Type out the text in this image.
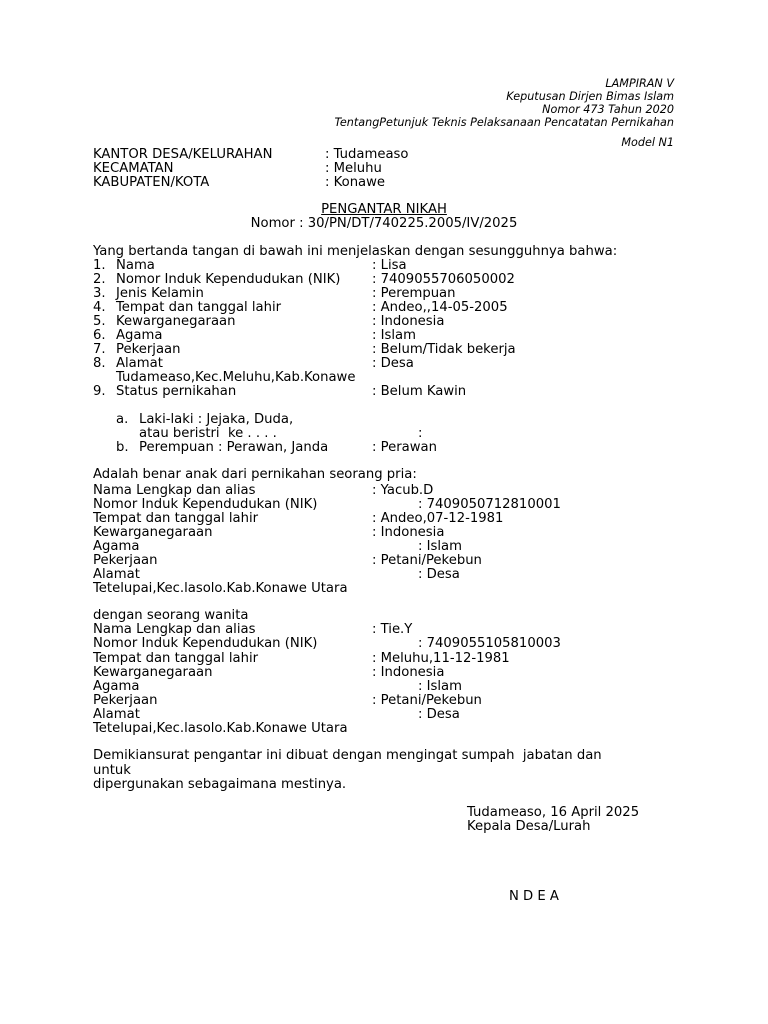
LAMPIRAN V
Keputusan Dirjen Bimas Islam
Nomor 473 Tahun 2020
TentangPetunjuk Teknis Pelaksanaan Pencatatan Pernikahan
Model N1
KANTOR DESA/KELURAHAN	: Tudameaso
KECAMATAN	: Meluhu
KABUPATEN/KOTA	: Konawe
PENGANTAR NIKAH
Nomor : 30/PN/DT/740225.2005/IV/2025
Yang bertanda tangan di bawah ini menjelaskan dengan sesungguhnya bahwa:
1. Nama	: Lisa
2. Nomor Induk Kependudukan (NIK) : 7409055706050002
3. Jenis Kelamin	: Perempuan
4. Tempat dan tanggal lahir	: Andeo,,14-05-2005
5. Kewarganegaraan	: Indonesia
6. Agama	: Islam
7. Pekerjaan	: Belum/Tidak bekerja
8. Alamat	: Desa
Tudameaso,Kec.Meluhu,Kab.Konawe
9. Status pernikahan	: Belum Kawin
a. Laki-laki : Jejaka, Duda,
atau beristri  ke . . . .	:
b. Perempuan : Perawan, Janda	: Perawan
Adalah benar anak dari pernikahan seorang pria:
Nama Lengkap dan alias	: Yacub.D
Nomor Induk Kependudukan (NIK)	: 7409050712810001
Tempat dan tanggal lahir	: Andeo,07-12-1981
Kewarganegaraan	: Indonesia
Agama	: Islam
Pekerjaan	: Petani/Pekebun
Alamat	: Desa
Tetelupai,Kec.lasolo.Kab.Konawe Utara
dengan seorang wanita
Nama Lengkap dan alias	: Tie.Y
Nomor Induk Kependudukan (NIK)	: 7409055105810003
Tempat dan tanggal lahir	: Meluhu,11-12-1981
Kewarganegaraan	: Indonesia
Agama	: Islam
Pekerjaan	: Petani/Pekebun
Alamat	: Desa
Tetelupai,Kec.lasolo.Kab.Konawe Utara
Demikiansurat pengantar ini dibuat dengan mengingat sumpah  jabatan dan
untuk
dipergunakan sebagaimana mestinya.
Tudameaso, 16 April 2025
Kepala Desa/Lurah
N D E A
